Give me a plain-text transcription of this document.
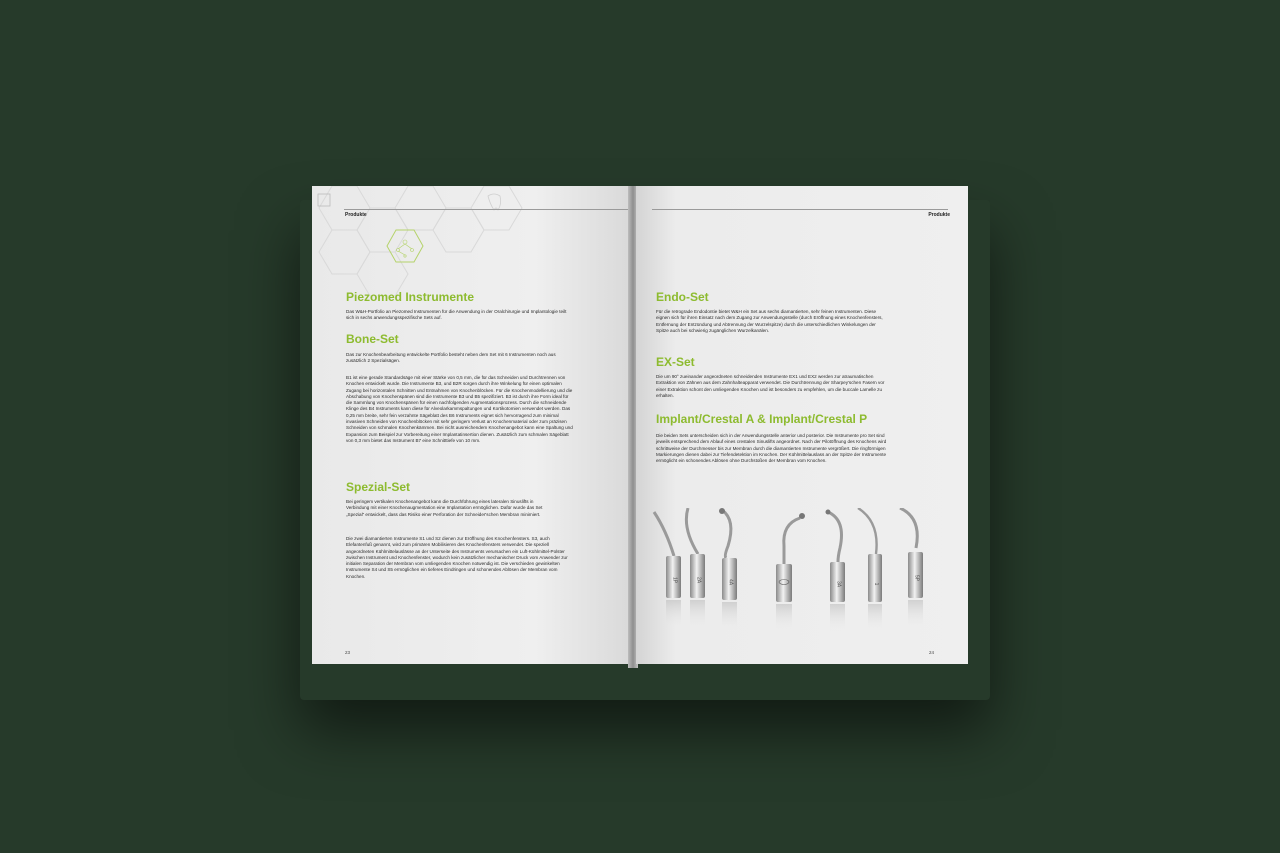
Produkte
Piezomed Instrumente

Das W&H-Portfolio an Piezomed Instrumenten für die Anwendung in der Oralchirurgie und Implantologie teilt sich in sechs anwendungsspezifische Sets auf.

Bone-Set

Das zur Knochenbearbeitung entwickelte Portfolio besteht neben dem Set mit 6 Instrumenten noch aus zusätzlich 2 Spezialsägen.

B1 ist eine gerade Standardsäge mit einer Stärke von 0,5 mm, die für das Schneiden und Durchtrennen von Knochen entwickelt wurde. Die Instrumente B3, und B2R sorgen durch ihre Winkelung für einen optimalen Zugang bei horizontalen Schnitten und Entnahmen von Knochenblöcken. Für die Knochenmodellierung und die Abschabung von Knochenspänen sind die Instrumente B3 und B5 spezifiziert. B3 ist durch ihre Form ideal für die Sammlung von Knochenspänen für einen nachfolgenden Augmentationsprozess. Durch die schneidende Klinge des B4 Instruments kann diese für Alveolarkammspaltungen und Kortikotomien verwendet werden. Das 0,25 mm breite, sehr fein verzahnte Sägeblatt des B6 Instruments eignet sich hervorragend zum minimal invasiven Schneiden von Knochenblöcken mit sehr geringem Verlust an Knochenmaterial oder zum präzisen Schneiden von schmalen Knochenkämmen. Bei nicht ausreichendem Knochenangebot kann eine Spaltung und Expansion zum Beispiel zur Vorbereitung einer Implantatinsertion dienen. Zusätzlich zum schmalen Sägeblatt von 0,3 mm bietet das Instrument B7 eine Schnitttiefe von 10 mm.

Spezial-Set

Bei geringem vertikalen Knochenangebot kann die Durchführung eines lateralen Sinuslifts in Verbindung mit einer Knochenaugmentation eine Implantation ermöglichen. Dafür wurde das Set „Spezial“ entwickelt, dass das Risiko einer Perforation der Schneider'schen Membran minimiert.

Die zwei diamantierten Instrumente S1 und S2 dienen zur Eröffnung des Knochenfensters. S3, auch Elefantenfuß genannt, wird zum primären Mobilisieren des Knochenfensters verwendet. Die speziell angeordneten Kühlmittelauslässe an der Unterseite des Instruments verursachen ein Luft-Kühlmittel-Polster zwischen Instrument und Knochenfenster, wodurch kein zusätzlicher mechanischer Druck vom Anwender zur initialen Separation der Membran vom umliegenden Knochen notwendig ist. Die verschieden gewinkelten Instrumente S4 und S5 ermöglichen ein tieferes Eindringen und schonendes Ablösen der Membran vom Knochen.

23
Produkte
Endo-Set

Für die retrograde Endodontie bietet W&H ein Set aus sechs diamantierten, sehr feinen Instrumenten. Diese eignen sich für ihren Einsatz nach dem Zugang zur Anwendungsstelle (durch Eröffnung eines Knochenfensters, Entfernung der Entzündung und Abtrennung der Wurzelspitze) durch die unterschiedlichen Winkelungen der Spitze auch bei schwierig zugänglichen Wurzelkanälen.

EX-Set

Die um 90° zueinander angeordneten schneidenden Instrumente EX1 und EX2 werden zur atraumatischen Extraktion von Zähnen aus dem Zahnhalteapparat verwendet. Die Durchtrennung der Sharpey'schen Fasern vor einer Extraktion schont den umliegenden Knochen und ist besonders zu empfehlen, um die buccale Lamelle zu erhalten.

Implant/Crestal A & Implant/Crestal P

Die beiden Sets unterscheiden sich in der Anwendungsstelle anterior und posterior. Die Instrumente pro Set sind jeweils entsprechend dem Ablauf eines crestalen Sinuslifts angeordnet. Nach der Pilotöffnung des Knochens wird schrittweise der Durchmesser bis zur Membran durch die diamantierten Instrumente vergrößert. Die ringförmigen Markierungen dienen dabei zur Tiefendetektion im Knochen. Der Kühlmittelauslass an der Spitze der Instrumente ermöglicht ein schonendes Ablösen ohne Durchstoßen der Membran vom Knochen.

1P	2A	4A	3A	1
5P
24
